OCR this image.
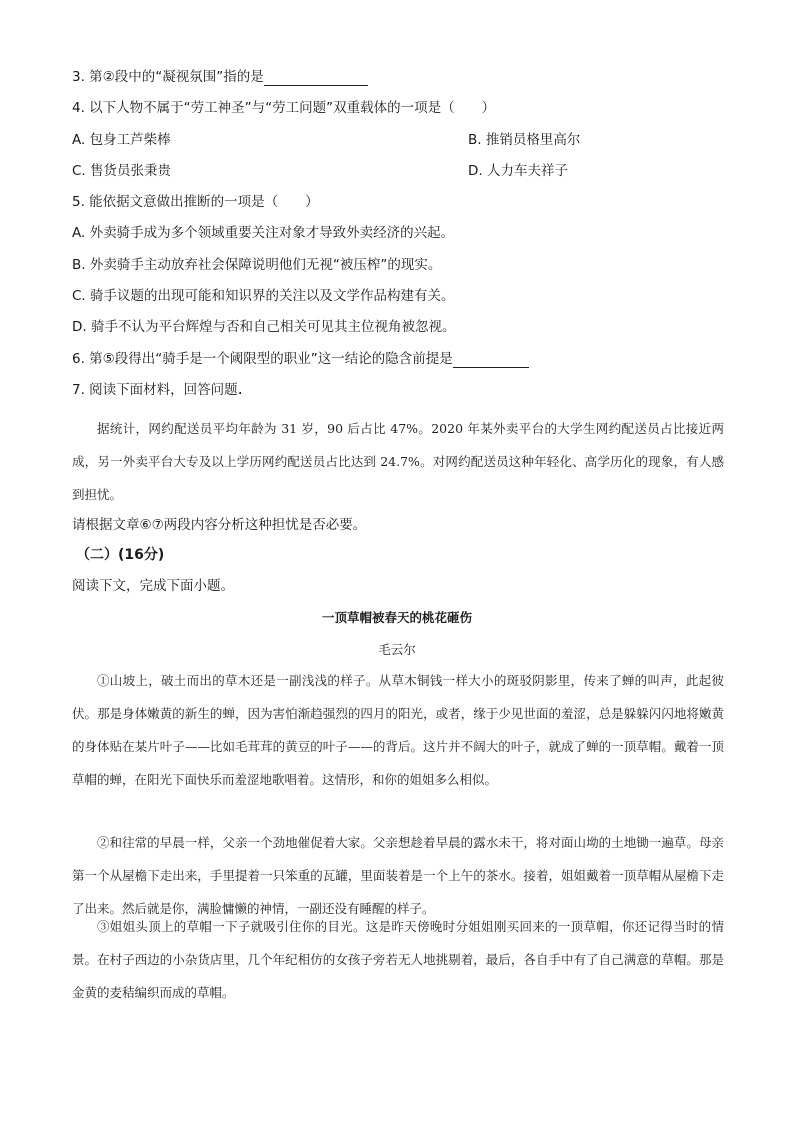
3. 第②段中的“凝视氛围”指的是
4. 以下人物不属于“劳工神圣”与“劳工问题”双重载体的一项是（　　）
A. 包身工芦柴棒	B. 推销员格里高尔
C. 售货员张秉贵	D. 人力车夫祥子
5. 能依据文意做出推断的一项是（　　）
A. 外卖骑手成为多个领域重要关注对象才导致外卖经济的兴起。
B. 外卖骑手主动放弃社会保障说明他们无视“被压榨”的现实。
C. 骑手议题的出现可能和知识界的关注以及文学作品构建有关。
D. 骑手不认为平台辉煌与否和自己相关可见其主位视角被忽视。
6. 第⑤段得出“骑手是一个阈限型的职业”这一结论的隐含前提是
7. 阅读下面材料，回答问题.
据统计，网约配送员平均年龄为 31 岁，90 后占比 47%。2020 年某外卖平台的大学生网约配送员占比接近两成，另一外卖平台大专及以上学历网约配送员占比达到 24.7%。对网约配送员这种年轻化、高学历化的现象，有人感到担忧。
请根据文章⑥⑦两段内容分析这种担忧是否必要。
（二）(16分)
阅读下文，完成下面小题。
一顶草帽被春天的桃花砸伤
毛云尔
①山坡上，破土而出的草木还是一副浅浅的样子。从草木铜钱一样大小的斑驳阴影里，传来了蝉的叫声，此起彼伏。那是身体嫩黄的新生的蝉，因为害怕渐趋强烈的四月的阳光，或者，缘于少见世面的羞涩，总是躲躲闪闪地将嫩黄的身体贴在某片叶子——比如毛茸茸的黄豆的叶子——的背后。这片并不阔大的叶子，就成了蝉的一顶草帽。戴着一顶草帽的蝉，在阳光下面快乐而羞涩地歌唱着。这情形，和你的姐姐多么相似。
②和往常的早晨一样，父亲一个劲地催促着大家。父亲想趁着早晨的露水未干，将对面山坳的土地锄一遍草。母亲第一个从屋檐下走出来，手里提着一只笨重的瓦罐，里面装着是一个上午的茶水。接着，姐姐戴着一顶草帽从屋檐下走了出来。然后就是你，满脸慵懒的神情，一副还没有睡醒的样子。
③姐姐头顶上的草帽一下子就吸引住你的目光。这是昨天傍晚时分姐姐刚买回来的一顶草帽，你还记得当时的情景。在村子西边的小杂货店里，几个年纪相仿的女孩子旁若无人地挑剔着，最后，各自手中有了自己满意的草帽。那是金黄的麦秸编织而成的草帽。
